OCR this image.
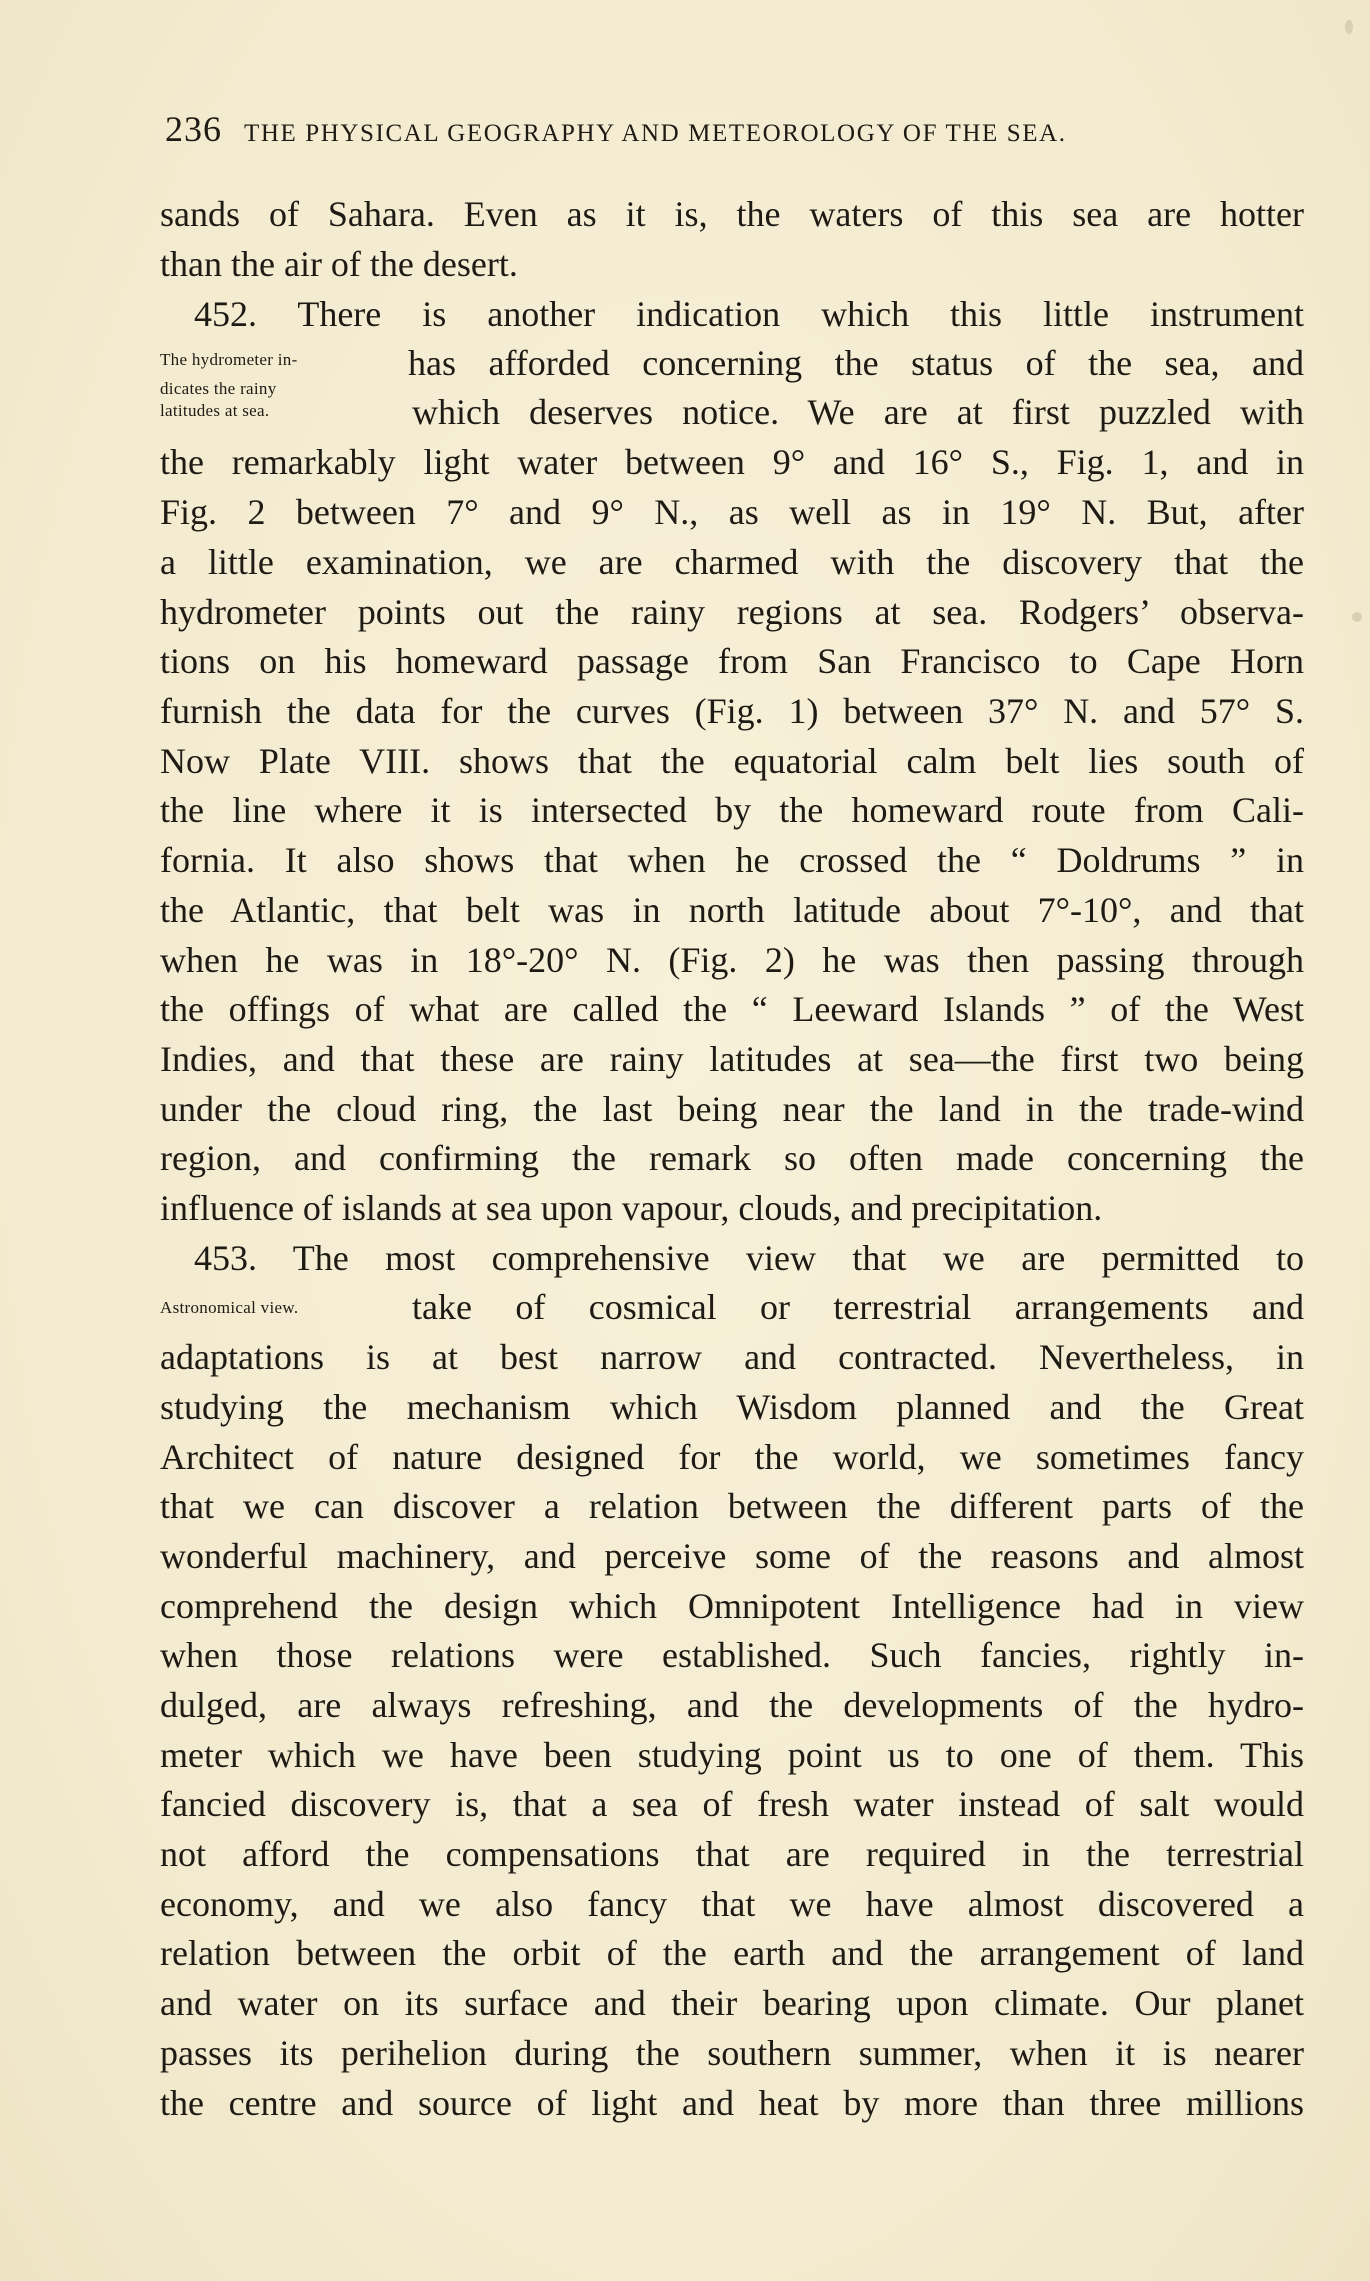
236 THE PHYSICAL GEOGRAPHY AND METEOROLOGY OF THE SEA.
The hydrometer in-
dicates the rainy
latitudes at sea.
Astronomical view.
sands of Sahara. Even as it is, the waters of this sea are hotter
than the air of the desert.
452. There is another indication which this little instrument
has afforded concerning the status of the sea, and
which deserves notice. We are at first puzzled with
the remarkably light water between 9° and 16° S., Fig. 1, and in
Fig. 2 between 7° and 9° N., as well as in 19° N. But, after
a little examination, we are charmed with the discovery that the
hydrometer points out the rainy regions at sea. Rodgers’ observa-
tions on his homeward passage from San Francisco to Cape Horn
furnish the data for the curves (Fig. 1) between 37° N. and 57° S.
Now Plate VIII. shows that the equatorial calm belt lies south of
the line where it is intersected by the homeward route from Cali-
fornia. It also shows that when he crossed the “ Doldrums ” in
the Atlantic, that belt was in north latitude about 7°-10°, and that
when he was in 18°-20° N. (Fig. 2) he was then passing through
the offings of what are called the “ Leeward Islands ” of the West
Indies, and that these are rainy latitudes at sea—the first two being
under the cloud ring, the last being near the land in the trade-wind
region, and confirming the remark so often made concerning the
influence of islands at sea upon vapour, clouds, and precipitation.
453. The most comprehensive view that we are permitted to
take of cosmical or terrestrial arrangements and
adaptations is at best narrow and contracted. Nevertheless, in
studying the mechanism which Wisdom planned and the Great
Architect of nature designed for the world, we sometimes fancy
that we can discover a relation between the different parts of the
wonderful machinery, and perceive some of the reasons and almost
comprehend the design which Omnipotent Intelligence had in view
when those relations were established. Such fancies, rightly in-
dulged, are always refreshing, and the developments of the hydro-
meter which we have been studying point us to one of them. This
fancied discovery is, that a sea of fresh water instead of salt would
not afford the compensations that are required in the terrestrial
economy, and we also fancy that we have almost discovered a
relation between the orbit of the earth and the arrangement of land
and water on its surface and their bearing upon climate. Our planet
passes its perihelion during the southern summer, when it is nearer
the centre and source of light and heat by more than three millions
